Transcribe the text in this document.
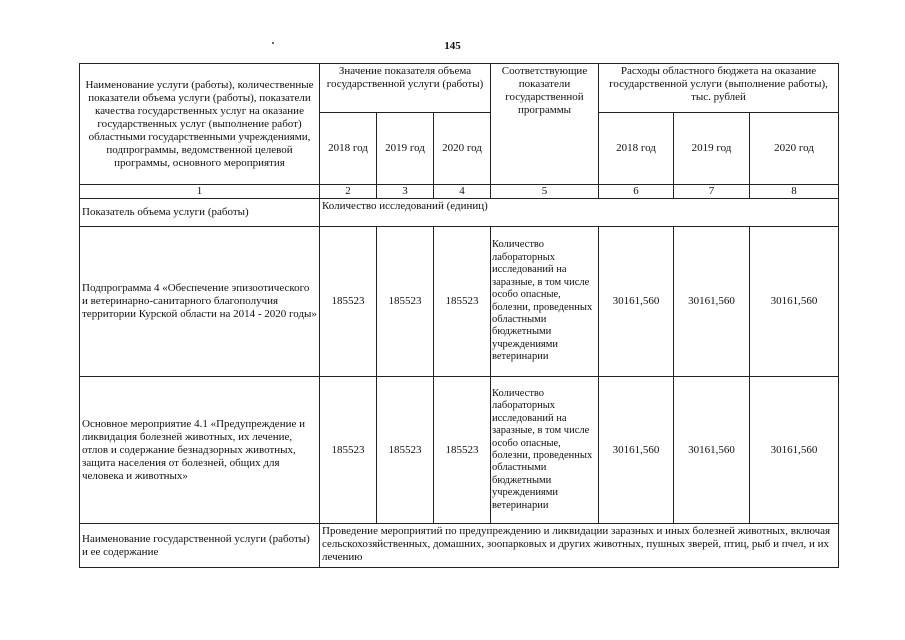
145
Наименование услуги (работы), количественные показатели объема услуги (работы), показатели качества государственных услуг на оказание государственных услуг (выполнение работ) областными государственными учреждениями, подпрограммы, ведомственной целевой программы, основного мероприятия	Значение показателя объема государственной услуги (работы)			Соответствующие показатели государственной программы	Расходы областного бюджета на оказание государственной услуги (выполнение работы), тыс. рублей		
	2018 год	2019 год	2020 год		2018 год	2019 год	2020 год
1	2	3	4	5	6	7	8
Показатель объема услуги (работы)	Количество исследований (единиц)						
Подпрограмма 4 «Обеспечение эпизоотического и ветеринарно-санитарного благополучия территории Курской области на 2014 - 2020 годы»	185523	185523	185523	Количество лабораторных исследований на заразные, в том числе особо опасные, болезни, проведенных областными бюджетными учреждениями ветеринарии	30161,560	30161,560	30161,560
Основное мероприятие 4.1 «Предупреждение и ликвидация болезней животных, их лечение, отлов и содержание безнадзорных животных, защита населения от болезней, общих для человека и животных»	185523	185523	185523	Количество лабораторных исследований на заразные, в том числе особо опасные, болезни, проведенных областными бюджетными учреждениями ветеринарии	30161,560	30161,560	30161,560
Наименование государственной услуги (работы) и ее содержание	Проведение мероприятий по предупреждению и ликвидации заразных и иных болезней животных, включая сельскохозяйственных, домашних, зоопарковых и других животных, пушных зверей, птиц, рыб и пчел, и их лечению						
